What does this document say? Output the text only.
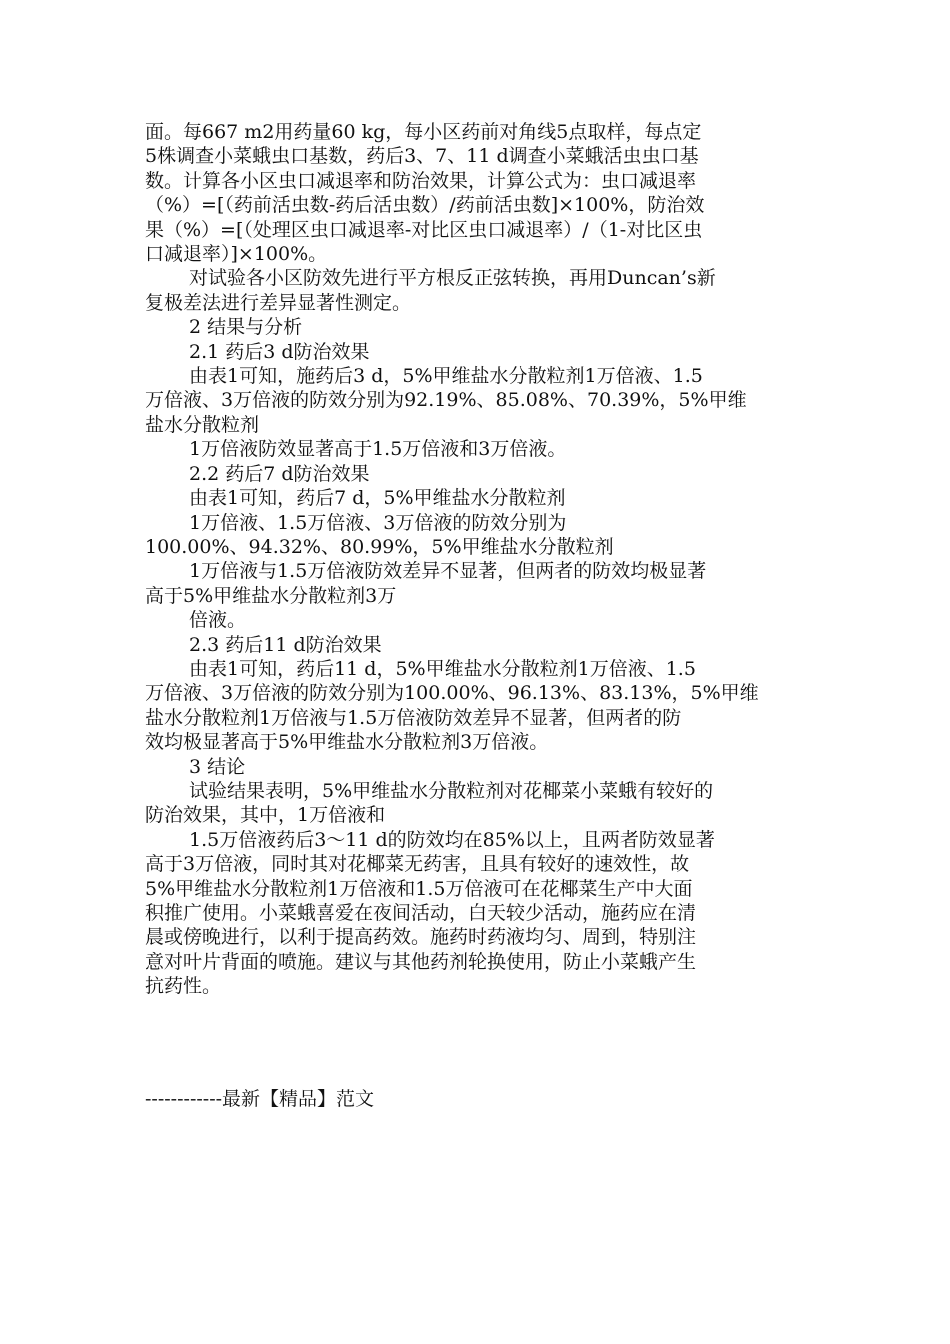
面。每667 m2用药量60 kg，每小区药前对角线5点取样，每点定

5株调查小菜蛾虫口基数，药后3、7、11 d调查小菜蛾活虫虫口基

数。计算各小区虫口减退率和防治效果，计算公式为：虫口减退率

（%）=[（药前活虫数-药后活虫数）/药前活虫数]×100%，防治效

果（%）=[（处理区虫口减退率-对比区虫口减退率）/（1-对比区虫

口减退率）]×100%。

对试验各小区防效先进行平方根反正弦转换，再用Duncan’s新

复极差法进行差异显著性测定。

2 结果与分析

2.1 药后3 d防治效果

由表1可知，施药后3 d，5%甲维盐水分散粒剂1万倍液、1.5

万倍液、3万倍液的防效分别为92.19%、85.08%、70.39%，5%甲维

盐水分散粒剂

1万倍液防效显著高于1.5万倍液和3万倍液。

2.2 药后7 d防治效果

由表1可知，药后7 d，5%甲维盐水分散粒剂

1万倍液、1.5万倍液、3万倍液的防效分别为

100.00%、94.32%、80.99%，5%甲维盐水分散粒剂

1万倍液与1.5万倍液防效差异不显著，但两者的防效均极显著

高于5%甲维盐水分散粒剂3万

倍液。

2.3 药后11 d防治效果

由表1可知，药后11 d，5%甲维盐水分散粒剂1万倍液、1.5

万倍液、3万倍液的防效分别为100.00%、96.13%、83.13%，5%甲维

盐水分散粒剂1万倍液与1.5万倍液防效差异不显著，但两者的防

效均极显著高于5%甲维盐水分散粒剂3万倍液。

3 结论

试验结果表明，5%甲维盐水分散粒剂对花椰菜小菜蛾有较好的

防治效果，其中，1万倍液和

1.5万倍液药后3～11 d的防效均在85%以上，且两者防效显著

高于3万倍液，同时其对花椰菜无药害，且具有较好的速效性，故

5%甲维盐水分散粒剂1万倍液和1.5万倍液可在花椰菜生产中大面

积推广使用。小菜蛾喜爱在夜间活动，白天较少活动，施药应在清

晨或傍晚进行，以利于提高药效。施药时药液均匀、周到，特别注

意对叶片背面的喷施。建议与其他药剂轮换使用，防止小菜蛾产生

抗药性。

------------最新【精品】范文
